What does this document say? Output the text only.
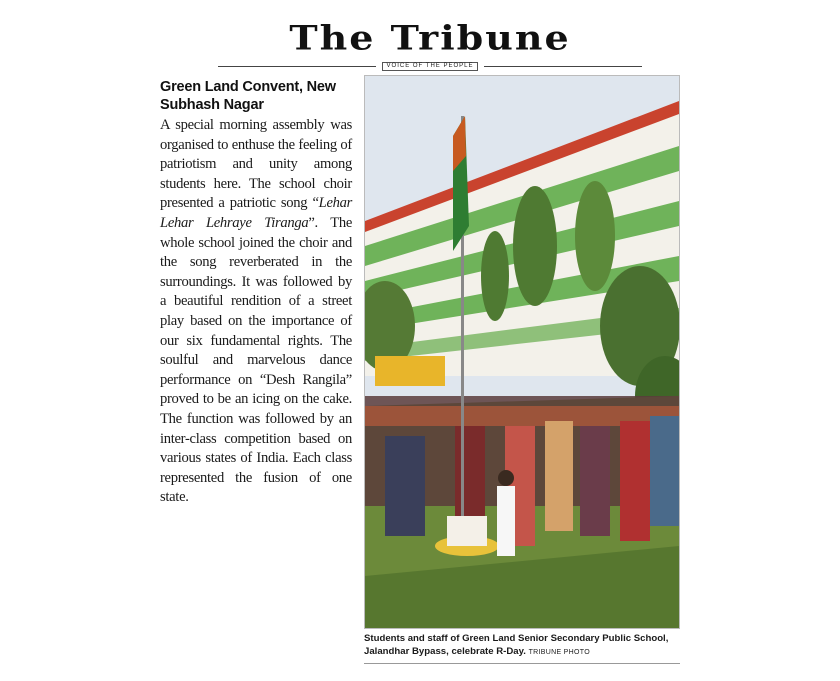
The Tribune
VOICE OF THE PEOPLE
Green Land Convent, New Subhash Nagar

A special morning assembly was organised to enthuse the feeling of patriotism and unity among students here. The school choir presented a patriotic song “Lehar Lehar Lehraye Tiranga”. The whole school joined the choir and the song reverberated in the surroundings. It was followed by a beautiful rendition of a street play based on the importance of our six fundamental rights. The soulful and marvelous dance performance on “Desh Rangila” proved to be an icing on the cake. The function was followed by an inter-class competition based on various states of India. Each class represented the fusion of one state.

Students and staff of Green Land Senior Secondary Public School, Jalandhar Bypass, celebrate R-Day. TRIBUNE PHOTO
